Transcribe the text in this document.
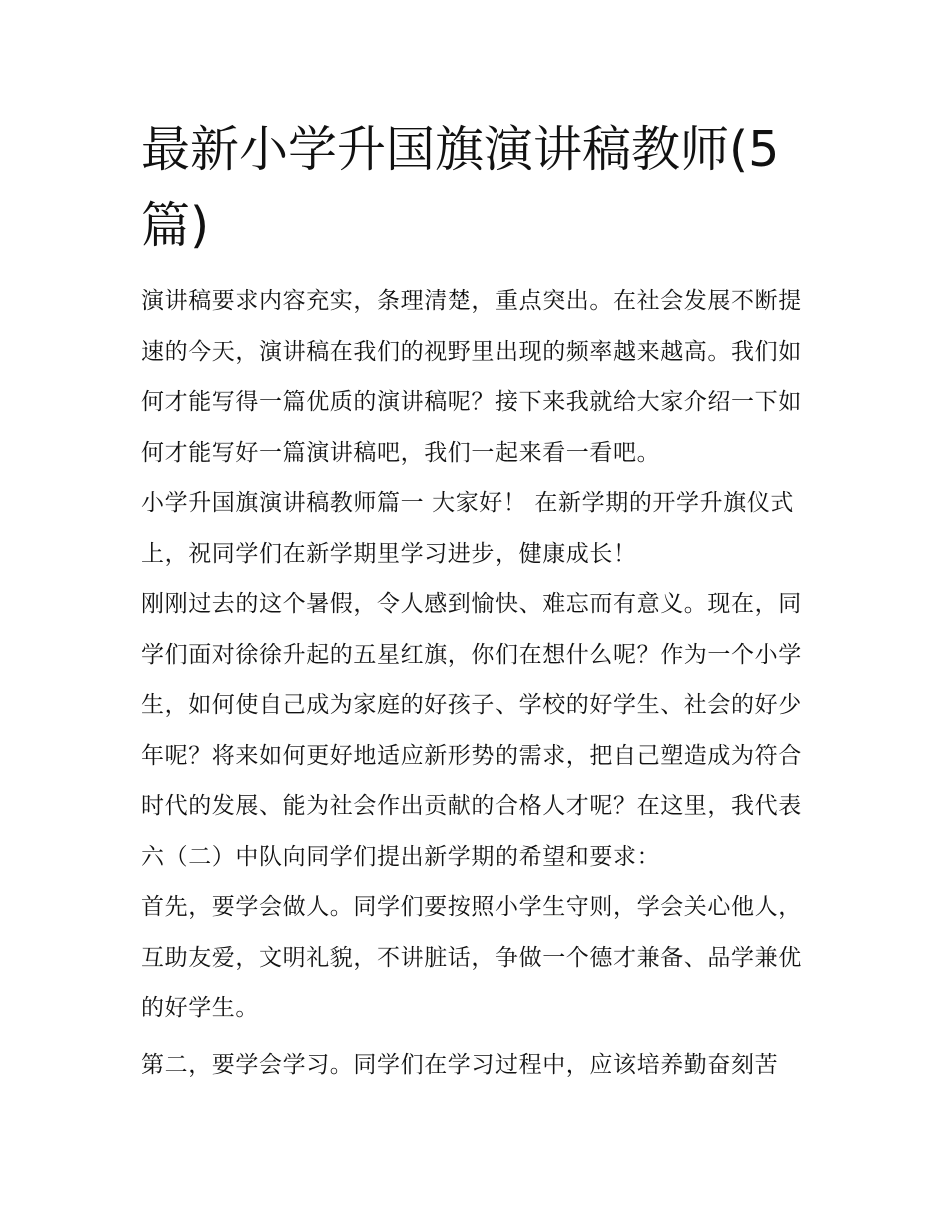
最新小学升国旗演讲稿教师(5篇)

演讲稿要求内容充实，条理清楚，重点突出。在社会发展不断提速的今天，演讲稿在我们的视野里出现的频率越来越高。我们如何才能写得一篇优质的演讲稿呢？接下来我就给大家介绍一下如何才能写好一篇演讲稿吧，我们一起来看一看吧。

小学升国旗演讲稿教师篇一 大家好！ 在新学期的开学升旗仪式上，祝同学们在新学期里学习进步，健康成长！

刚刚过去的这个暑假，令人感到愉快、难忘而有意义。现在，同学们面对徐徐升起的五星红旗，你们在想什么呢？作为一个小学生，如何使自己成为家庭的好孩子、学校的好学生、社会的好少年呢？将来如何更好地适应新形势的需求，把自己塑造成为符合时代的发展、能为社会作出贡献的合格人才呢？在这里，我代表六（二）中队向同学们提出新学期的希望和要求：

首先，要学会做人。同学们要按照小学生守则，学会关心他人，互助友爱，文明礼貌，不讲脏话，争做一个德才兼备、品学兼优的好学生。

第二，要学会学习。同学们在学习过程中，应该培养勤奋刻苦
